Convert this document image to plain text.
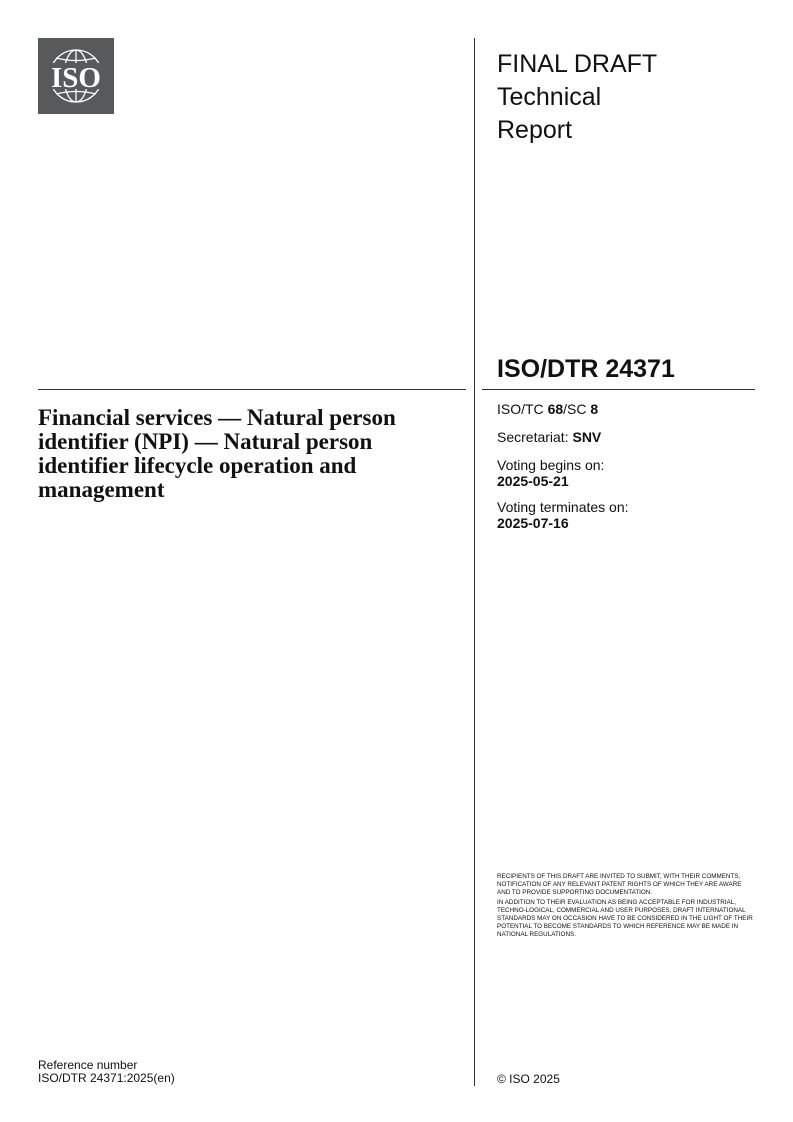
ISO	FINAL DRAFT
Technical
Report
ISO/DTR 24371
Financial services — Natural person identifier (NPI) — Natural person identifier lifecycle operation and management
ISO/TC 68/SC 8
Secretariat: SNV
Voting begins on:
2025-05-21
Voting terminates on:
2025-07-16

RECIPIENTS OF THIS DRAFT ARE INVITED TO SUBMIT, WITH THEIR COMMENTS, NOTIFICATION OF ANY RELEVANT PATENT RIGHTS OF WHICH THEY ARE AWARE AND TO PROVIDE SUPPORTING DOCUMENTATION.

IN ADDITION TO THEIR EVALUATION AS BEING ACCEPTABLE FOR INDUSTRIAL, TECHNO-LOGICAL, COMMERCIAL AND USER PURPOSES, DRAFT INTERNATIONAL STANDARDS MAY ON OCCASION HAVE TO BE CONSIDERED IN THE LIGHT OF THEIR POTENTIAL TO BECOME STANDARDS TO WHICH REFERENCE MAY BE MADE IN NATIONAL REGULATIONS.

Reference number
ISO/DTR 24371:2025(en)	© ISO 2025
